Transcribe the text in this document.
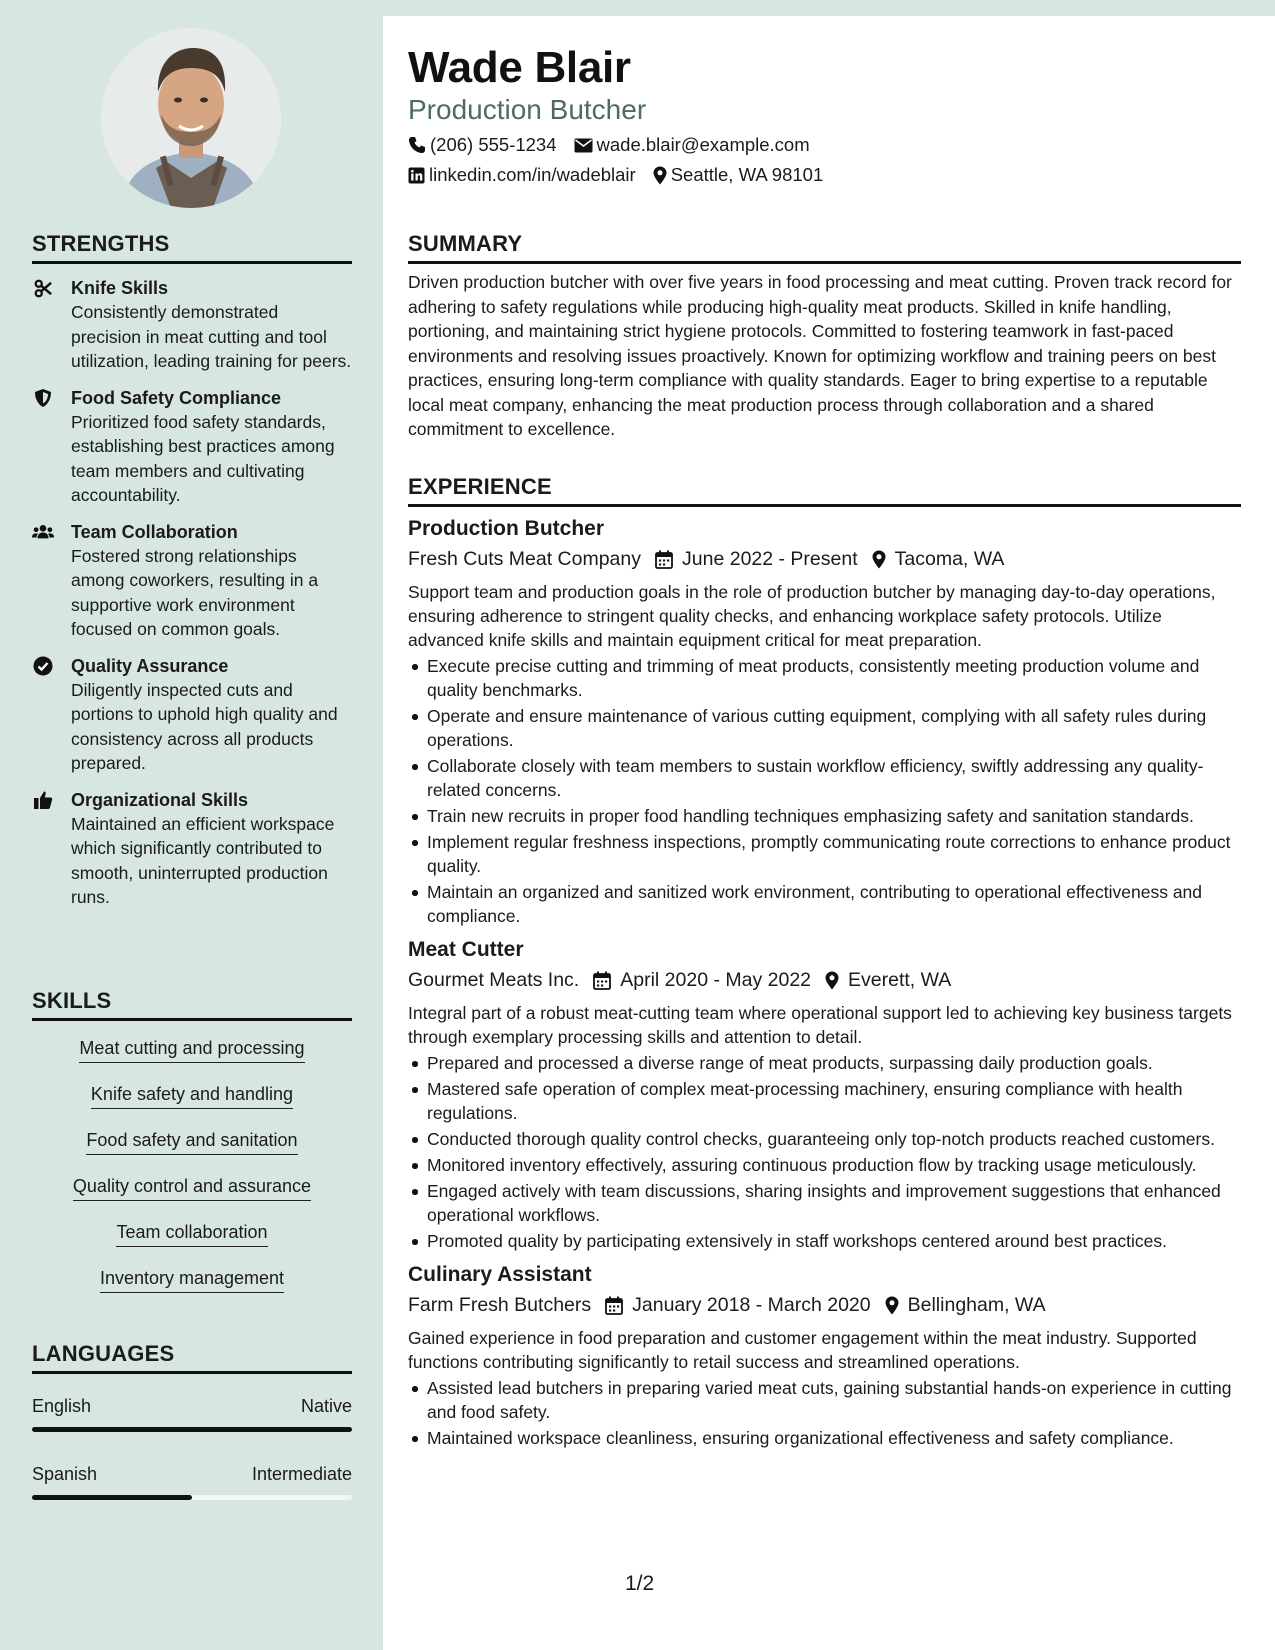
STRENGTHS
Knife Skills
Consistently demonstrated precision in meat cutting and tool utilization, leading training for peers.
Food Safety Compliance
Prioritized food safety standards, establishing best practices among team members and cultivating accountability.
Team Collaboration
Fostered strong relationships among coworkers, resulting in a supportive work environment focused on common goals.
Quality Assurance
Diligently inspected cuts and portions to uphold high quality and consistency across all products prepared.
Organizational Skills
Maintained an efficient workspace which significantly contributed to smooth, uninterrupted production runs.
SKILLS
Meat cutting and processing
Knife safety and handling
Food safety and sanitation
Quality control and assurance
Team collaboration
Inventory management
LANGUAGES
English	Native
Spanish	Intermediate
Wade Blair
Production Butcher
(206) 555-1234 wade.blair@example.com
linkedin.com/in/wadeblair Seattle, WA 98101
SUMMARY
Driven production butcher with over five years in food processing and meat cutting. Proven track record for adhering to safety regulations while producing high-quality meat products. Skilled in knife handling, portioning, and maintaining strict hygiene protocols. Committed to fostering teamwork in fast-paced environments and resolving issues proactively. Known for optimizing workflow and training peers on best practices, ensuring long-term compliance with quality standards. Eager to bring expertise to a reputable local meat company, enhancing the meat production process through collaboration and a shared commitment to excellence.
EXPERIENCE
Production Butcher
Fresh Cuts Meat Company June 2022 - Present Tacoma, WA
Support team and production goals in the role of production butcher by managing day-to-day operations, ensuring adherence to stringent quality checks, and enhancing workplace safety protocols. Utilize advanced knife skills and maintain equipment critical for meat preparation.
Execute precise cutting and trimming of meat products, consistently meeting production volume and quality benchmarks.
Operate and ensure maintenance of various cutting equipment, complying with all safety rules during operations.
Collaborate closely with team members to sustain workflow efficiency, swiftly addressing any quality-related concerns.
Train new recruits in proper food handling techniques emphasizing safety and sanitation standards.
Implement regular freshness inspections, promptly communicating route corrections to enhance product quality.
Maintain an organized and sanitized work environment, contributing to operational effectiveness and compliance.
Meat Cutter
Gourmet Meats Inc. April 2020 - May 2022 Everett, WA
Integral part of a robust meat-cutting team where operational support led to achieving key business targets through exemplary processing skills and attention to detail.
Prepared and processed a diverse range of meat products, surpassing daily production goals.
Mastered safe operation of complex meat-processing machinery, ensuring compliance with health regulations.
Conducted thorough quality control checks, guaranteeing only top-notch products reached customers.
Monitored inventory effectively, assuring continuous production flow by tracking usage meticulously.
Engaged actively with team discussions, sharing insights and improvement suggestions that enhanced operational workflows.
Promoted quality by participating extensively in staff workshops centered around best practices.
Culinary Assistant
Farm Fresh Butchers January 2018 - March 2020 Bellingham, WA
Gained experience in food preparation and customer engagement within the meat industry. Supported functions contributing significantly to retail success and streamlined operations.
Assisted lead butchers in preparing varied meat cuts, gaining substantial hands-on experience in cutting and food safety.
Maintained workspace cleanliness, ensuring organizational effectiveness and safety compliance.
1/2
